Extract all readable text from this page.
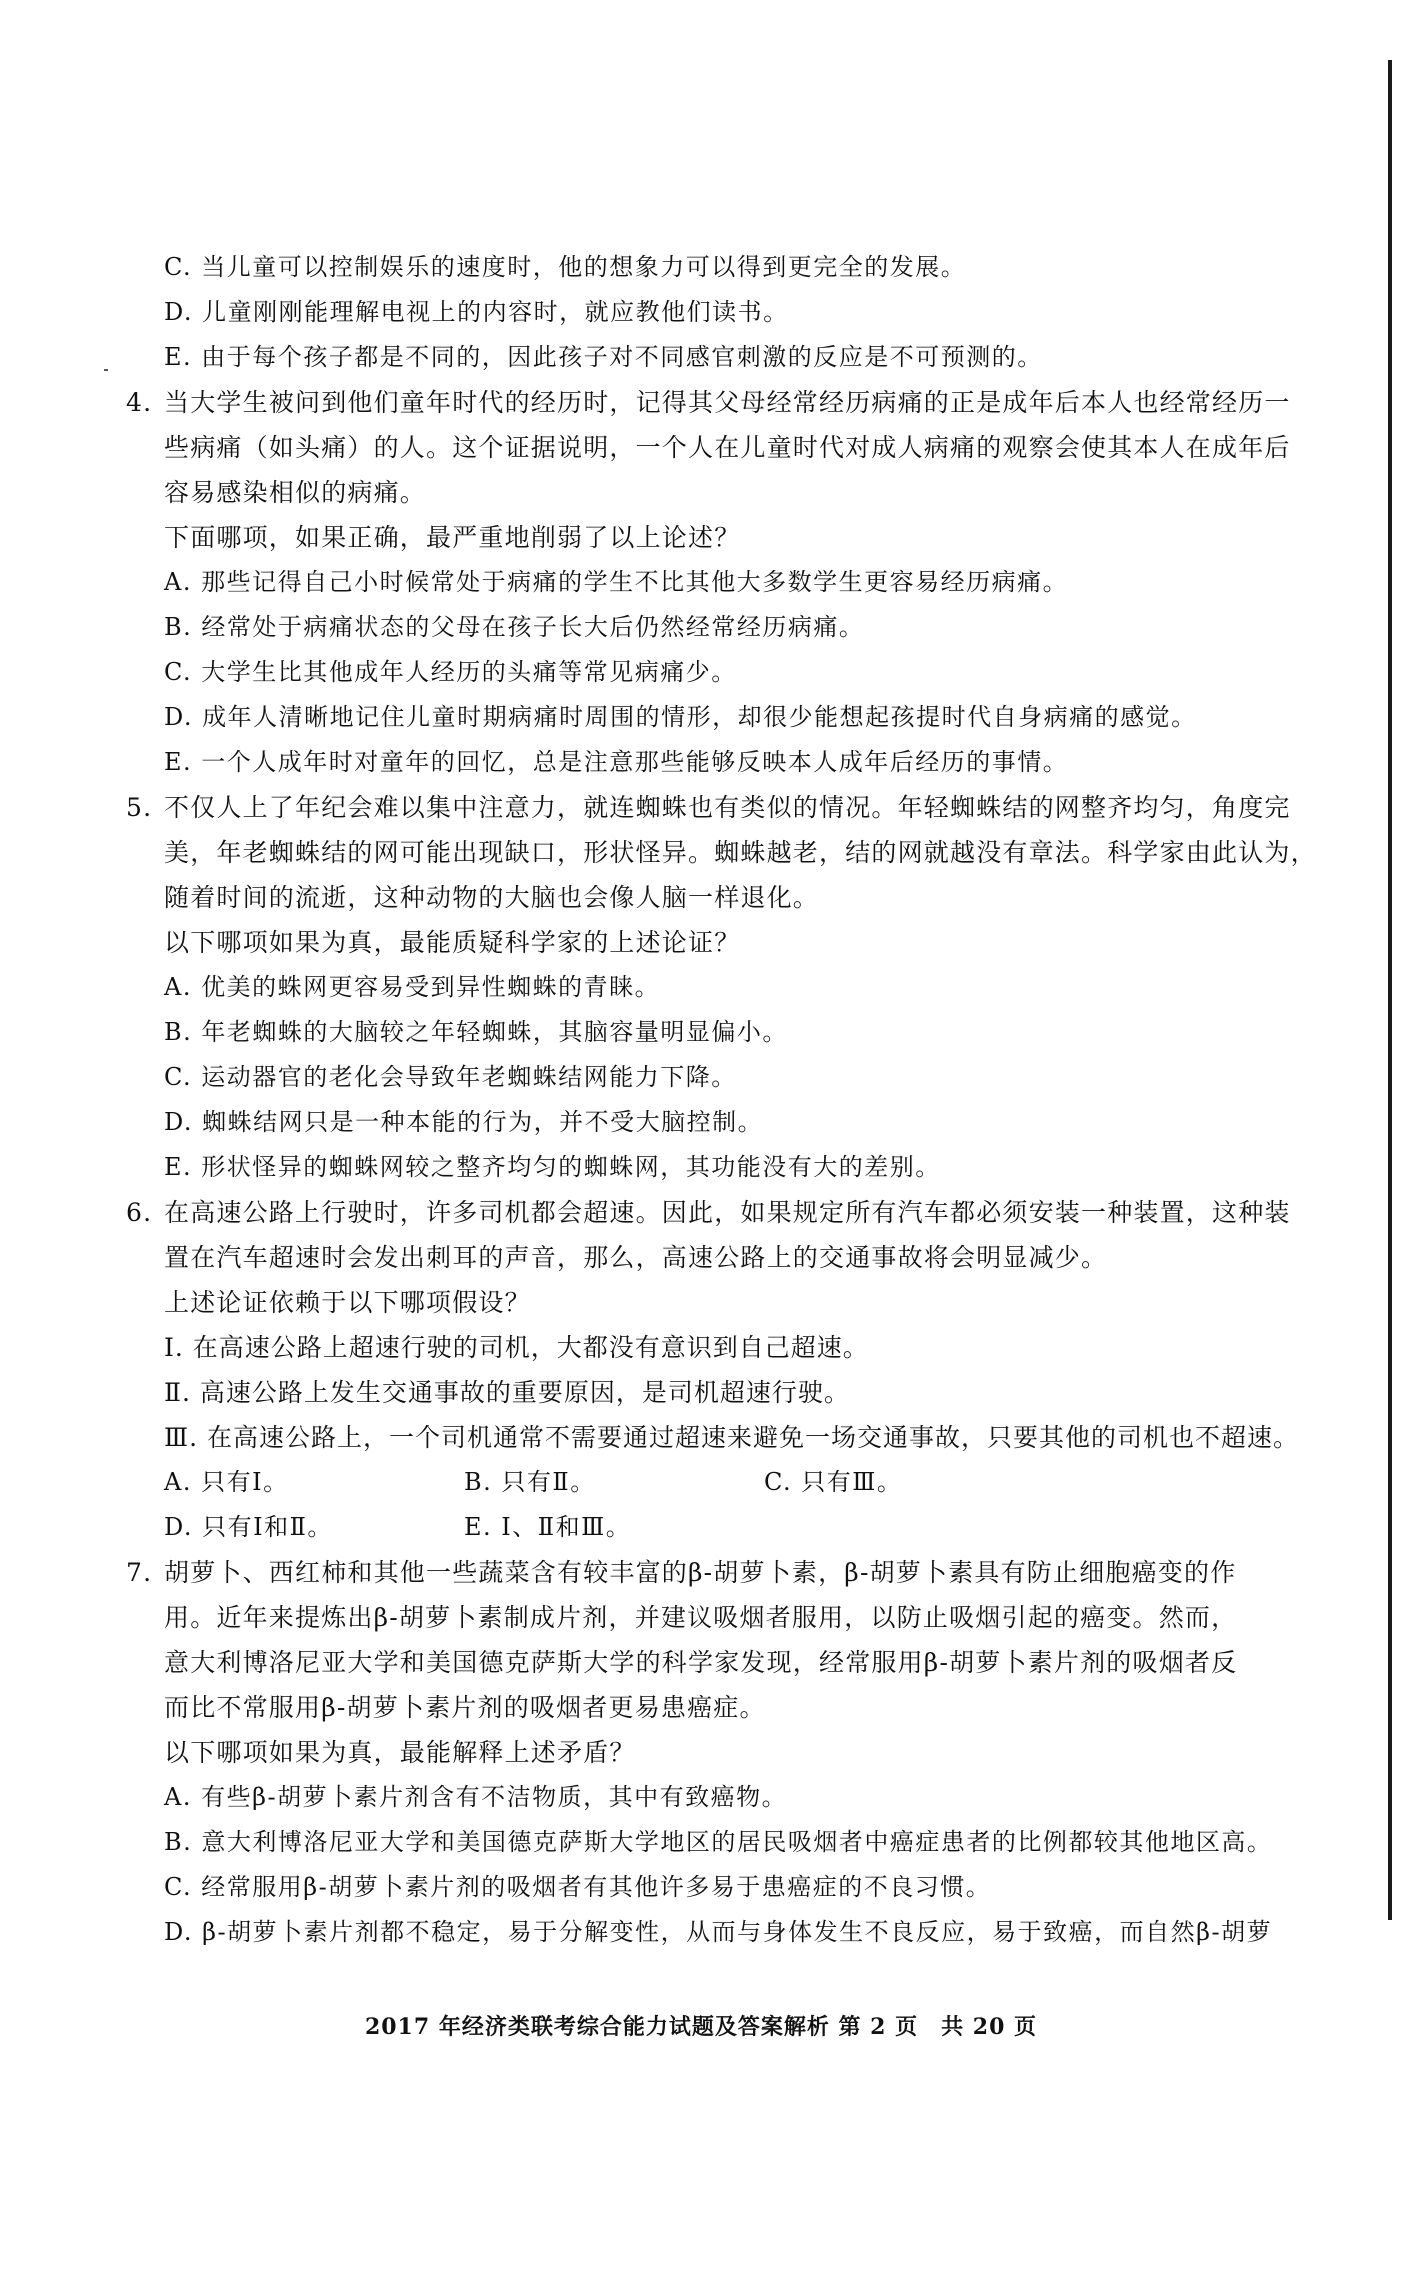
C. 当儿童可以控制娱乐的速度时，他的想象力可以得到更完全的发展。
D. 儿童刚刚能理解电视上的内容时，就应教他们读书。
E. 由于每个孩子都是不同的，因此孩子对不同感官刺激的反应是不可预测的。
4. 当大学生被问到他们童年时代的经历时，记得其父母经常经历病痛的正是成年后本人也经常经历一
些病痛（如头痛）的人。这个证据说明，一个人在儿童时代对成人病痛的观察会使其本人在成年后
容易感染相似的病痛。
下面哪项，如果正确，最严重地削弱了以上论述？
A. 那些记得自己小时候常处于病痛的学生不比其他大多数学生更容易经历病痛。
B. 经常处于病痛状态的父母在孩子长大后仍然经常经历病痛。
C. 大学生比其他成年人经历的头痛等常见病痛少。
D. 成年人清晰地记住儿童时期病痛时周围的情形，却很少能想起孩提时代自身病痛的感觉。
E. 一个人成年时对童年的回忆，总是注意那些能够反映本人成年后经历的事情。
5. 不仅人上了年纪会难以集中注意力，就连蜘蛛也有类似的情况。年轻蜘蛛结的网整齐均匀，角度完
美，年老蜘蛛结的网可能出现缺口，形状怪异。蜘蛛越老，结的网就越没有章法。科学家由此认为，
随着时间的流逝，这种动物的大脑也会像人脑一样退化。
以下哪项如果为真，最能质疑科学家的上述论证？
A. 优美的蛛网更容易受到异性蜘蛛的青睐。
B. 年老蜘蛛的大脑较之年轻蜘蛛，其脑容量明显偏小。
C. 运动器官的老化会导致年老蜘蛛结网能力下降。
D. 蜘蛛结网只是一种本能的行为，并不受大脑控制。
E. 形状怪异的蜘蛛网较之整齐均匀的蜘蛛网，其功能没有大的差别。
6. 在高速公路上行驶时，许多司机都会超速。因此，如果规定所有汽车都必须安装一种装置，这种装
置在汽车超速时会发出刺耳的声音，那么，高速公路上的交通事故将会明显减少。
上述论证依赖于以下哪项假设？
Ⅰ. 在高速公路上超速行驶的司机，大都没有意识到自己超速。
Ⅱ. 高速公路上发生交通事故的重要原因，是司机超速行驶。
Ⅲ. 在高速公路上，一个司机通常不需要通过超速来避免一场交通事故，只要其他的司机也不超速。
A. 只有Ⅰ。	B. 只有Ⅱ。	C. 只有Ⅲ。
D. 只有Ⅰ和Ⅱ。	E. Ⅰ、Ⅱ和Ⅲ。
7. 胡萝卜、西红柿和其他一些蔬菜含有较丰富的β-胡萝卜素，β-胡萝卜素具有防止细胞癌变的作
用。近年来提炼出β-胡萝卜素制成片剂，并建议吸烟者服用，以防止吸烟引起的癌变。然而，
意大利博洛尼亚大学和美国德克萨斯大学的科学家发现，经常服用β-胡萝卜素片剂的吸烟者反
而比不常服用β-胡萝卜素片剂的吸烟者更易患癌症。
以下哪项如果为真，最能解释上述矛盾？
A. 有些β-胡萝卜素片剂含有不洁物质，其中有致癌物。
B. 意大利博洛尼亚大学和美国德克萨斯大学地区的居民吸烟者中癌症患者的比例都较其他地区高。
C. 经常服用β-胡萝卜素片剂的吸烟者有其他许多易于患癌症的不良习惯。
D. β-胡萝卜素片剂都不稳定，易于分解变性，从而与身体发生不良反应，易于致癌，而自然β-胡萝
2017 年经济类联考综合能力试题及答案解析 第 2 页　共 20 页
